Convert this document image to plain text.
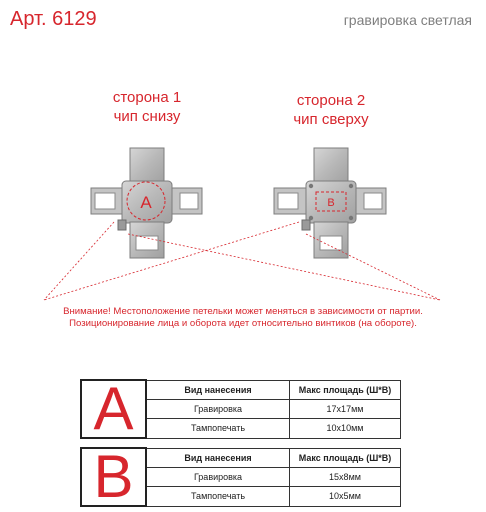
Арт. 6129	гравировка светлая
сторона 1
чип снизу
сторона 2
чип сверху
A	B
Внимание! Местоположение петельки может меняться в зависимости от партии.
Позиционирование лица и оборота идет относительно винтиков (на обороте).
A	Вид нанесения	Макс площадь (Ш*В)
	Гравировка	17x17мм
	Тампопечать	10x10мм
B	Вид нанесения	Макс площадь (Ш*В)
	Гравировка	15x8мм
	Тампопечать	10x5мм
